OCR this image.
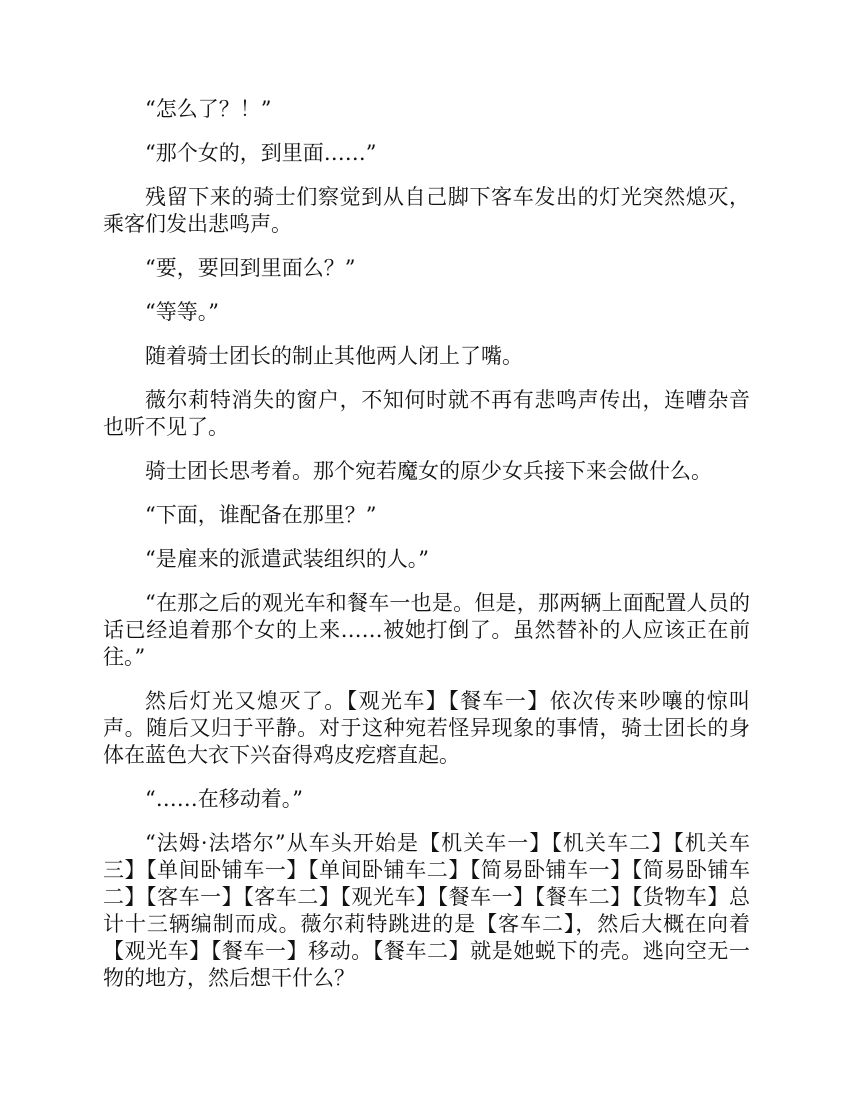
“怎么了？！”

“那个女的，到里面……”

残留下来的骑士们察觉到从自己脚下客车发出的灯光突然熄灭，乘客们发出悲鸣声。

“要，要回到里面么？”

“等等。”

随着骑士团长的制止其他两人闭上了嘴。

薇尔莉特消失的窗户，不知何时就不再有悲鸣声传出，连嘈杂音也听不见了。

骑士团长思考着。那个宛若魔女的原少女兵接下来会做什么。

“下面，谁配备在那里？”

“是雇来的派遣武装组织的人。”

“在那之后的观光车和餐车一也是。但是，那两辆上面配置人员的话已经追着那个女的上来……被她打倒了。虽然替补的人应该正在前往。”

然后灯光又熄灭了。【观光车】【餐车一】依次传来吵嚷的惊叫声。随后又归于平静。对于这种宛若怪异现象的事情，骑士团长的身体在蓝色大衣下兴奋得鸡皮疙瘩直起。

“……在移动着。”

“法姆·法塔尔”从车头开始是【机关车一】【机关车二】【机关车三】【单间卧铺车一】【单间卧铺车二】【简易卧铺车一】【简易卧铺车二】【客车一】【客车二】【观光车】【餐车一】【餐车二】【货物车】总计十三辆编制而成。薇尔莉特跳进的是【客车二】，然后大概在向着【观光车】【餐车一】移动。【餐车二】就是她蜕下的壳。逃向空无一物的地方，然后想干什么？
